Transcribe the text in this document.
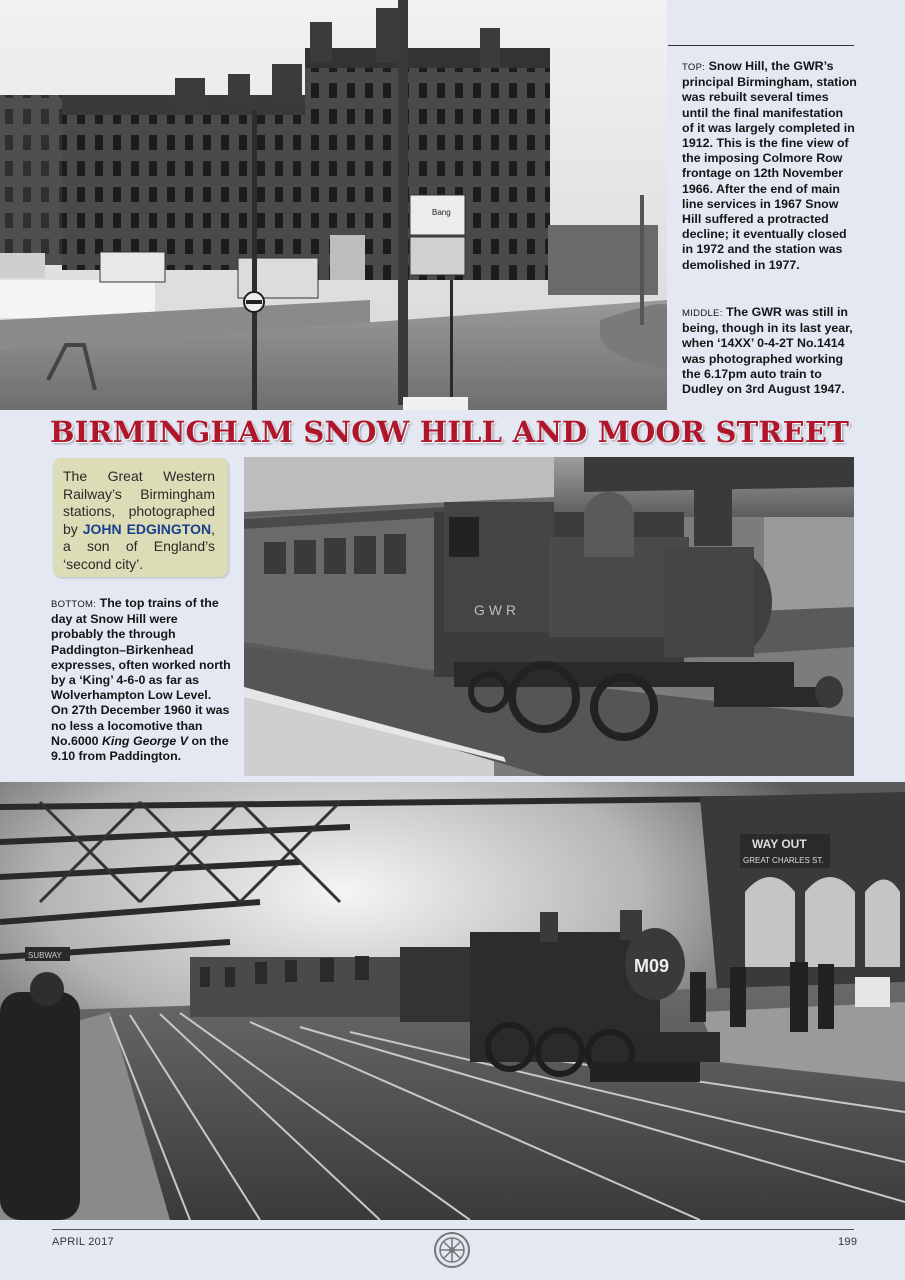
Bang
TOP: Snow Hill, the GWR’s principal Birmingham, station was rebuilt several times until the final manifestation of it was largely completed in 1912. This is the fine view of the imposing Colmore Row frontage on 12th November 1966. After the end of main line services in 1967 Snow Hill suffered a protracted decline; it eventually closed in 1972 and the station was demolished in 1977.
MIDDLE: The GWR was still in being, though in its last year, when ‘14XX’ 0-4-2T No.1414 was photographed working the 6.17pm auto train to Dudley on 3rd August 1947.
BIRMINGHAM SNOW HILL AND MOOR STREET
The Great Western Railway’s Birmingham stations, photographed by JOHN EDGINGTON, a son of England’s ‘second city’.
BOTTOM: The top trains of the day at Snow Hill were probably the through Paddington–Birkenhead expresses, often worked north by a ‘King’ 4-6-0 as far as Wolverhampton Low Level. On 27th December 1960 it was no less a locomotive than No.6000 King George V on the 9.10 from Paddington.
G W R
WAY OUT
GREAT CHARLES ST.
SUBWAY
M09
APRIL 2017	199
